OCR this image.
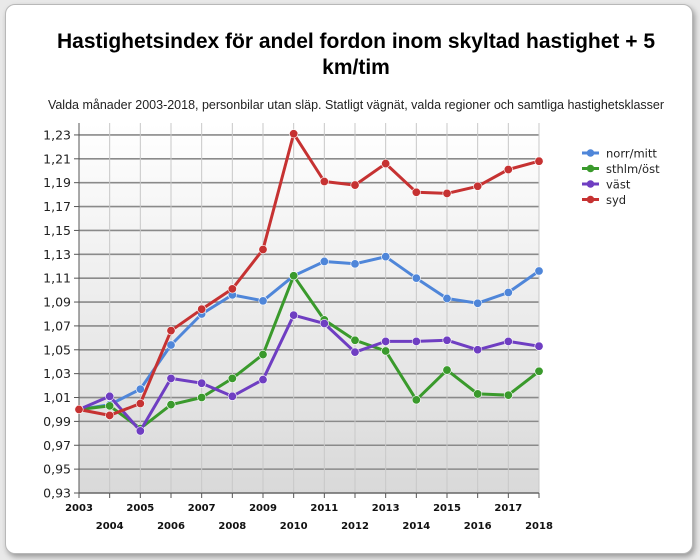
Hastighetsindex för andel fordon inom skyltad hastighet + 5 km/tim
Valda månader 2003-2018, personbilar utan släp. Statligt vägnät, valda regioner och samtliga hastighetsklasser
0,93
0,95
0,97
0,99
1,01
1,03
1,05
1,07
1,09
1,11
1,13
1,15
1,17
1,19
1,21
1,23
2003
2004
2005
2006
2007
2008
2009
2010
2011
2012
2013
2014
2015
2016
2017
2018
norr/mitt
sthlm/öst
väst
syd
